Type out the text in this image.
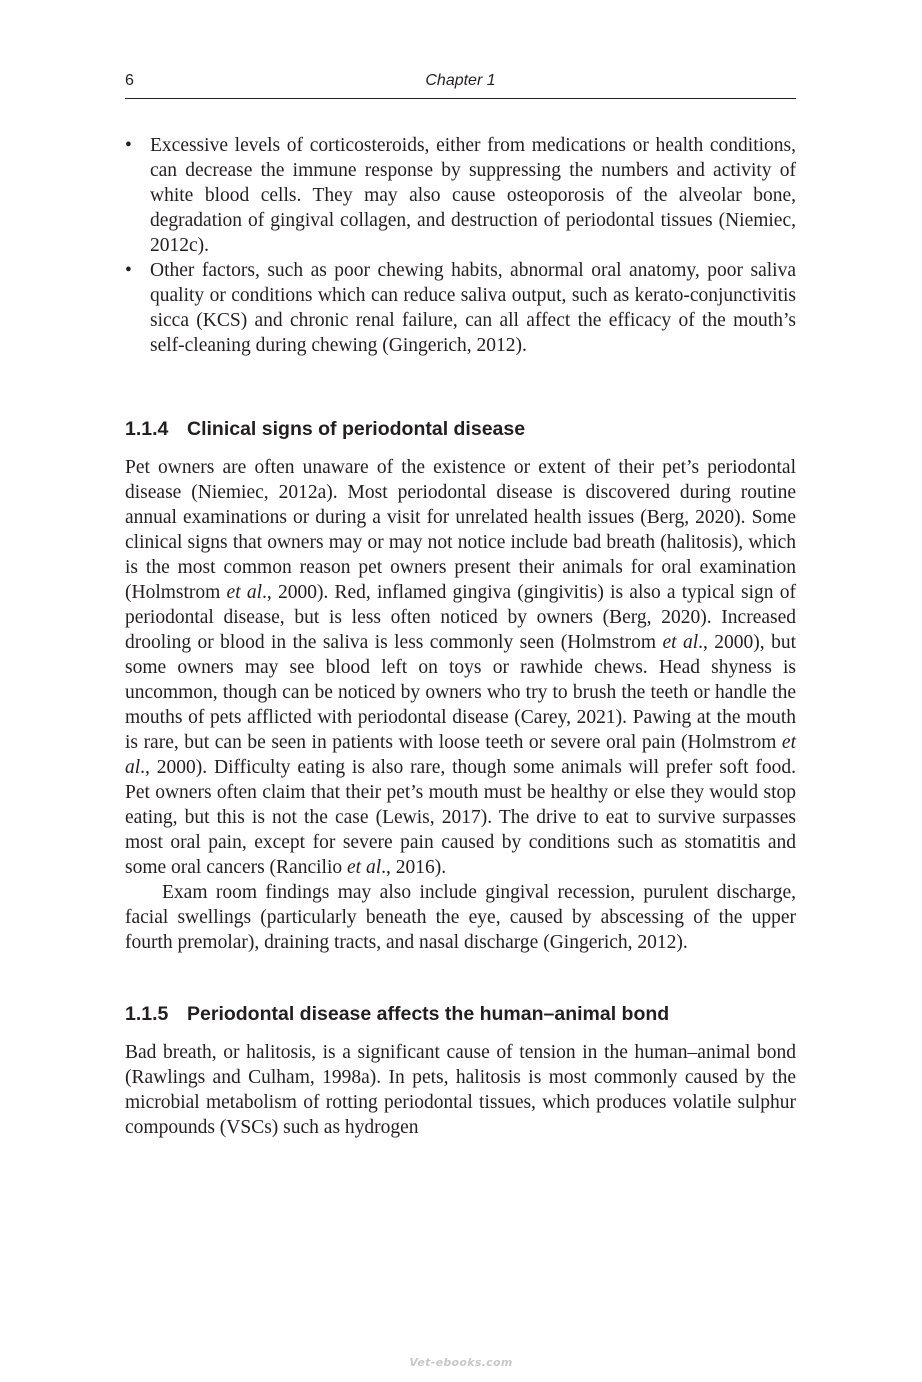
6	Chapter 1
• Excessive levels of corticosteroids, either from medications or health conditions, can decrease the immune response by suppressing the numbers and activity of white blood cells. They may also cause osteoporosis of the alveolar bone, degradation of gingival collagen, and destruction of periodontal tissues (Niemiec, 2012c).
• Other factors, such as poor chewing habits, abnormal oral anatomy, poor saliva quality or conditions which can reduce saliva output, such as kerato-conjunctivitis sicca (KCS) and chronic renal failure, can all affect the efficacy of the mouth’s self-cleaning during chewing (Gingerich, 2012).
1.1.4 Clinical signs of periodontal disease

Pet owners are often unaware of the existence or extent of their pet’s periodontal disease (Niemiec, 2012a). Most periodontal disease is discovered during routine annual examinations or during a visit for unrelated health issues (Berg, 2020). Some clinical signs that owners may or may not notice include bad breath (halitosis), which is the most common reason pet owners present their animals for oral examination (Holmstrom et al., 2000). Red, inflamed gingiva (gingivitis) is also a typical sign of periodontal disease, but is less often noticed by owners (Berg, 2020). Increased drooling or blood in the saliva is less commonly seen (Holmstrom et al., 2000), but some owners may see blood left on toys or rawhide chews. Head shyness is uncommon, though can be noticed by owners who try to brush the teeth or handle the mouths of pets afflicted with periodontal disease (Carey, 2021). Pawing at the mouth is rare, but can be seen in patients with loose teeth or severe oral pain (Holmstrom et al., 2000). Difficulty eating is also rare, though some animals will prefer soft food. Pet owners often claim that their pet’s mouth must be healthy or else they would stop eating, but this is not the case (Lewis, 2017). The drive to eat to survive surpasses most oral pain, except for severe pain caused by conditions such as stomatitis and some oral cancers (Rancilio et al., 2016).

Exam room findings may also include gingival recession, purulent discharge, facial swellings (particularly beneath the eye, caused by abscessing of the upper fourth premolar), draining tracts, and nasal discharge (Gingerich, 2012).

1.1.5 Periodontal disease affects the human–animal bond

Bad breath, or halitosis, is a significant cause of tension in the human–animal bond (Rawlings and Culham, 1998a). In pets, halitosis is most commonly caused by the microbial metabolism of rotting periodontal tissues, which produces volatile sulphur compounds (VSCs) such as hydrogen

Vet-ebooks.com
